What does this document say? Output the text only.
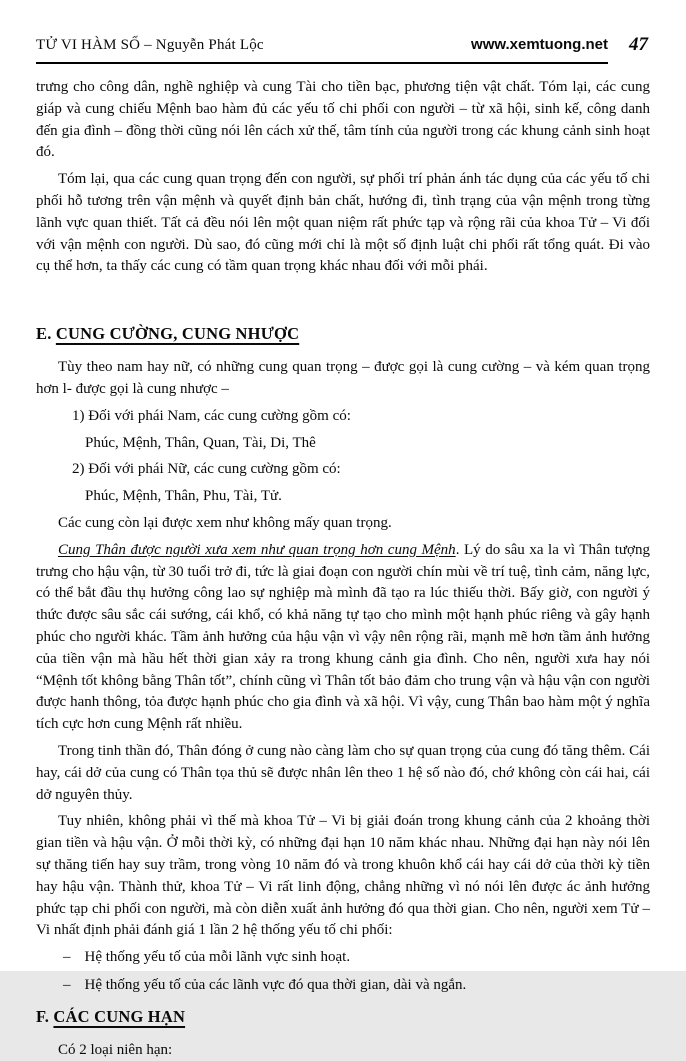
TỬ VI HÀM SỐ – Nguyễn Phát Lộc	www.xemtuong.net 47

trưng cho công dân, nghề nghiệp và cung Tài cho tiền bạc, phương tiện vật chất. Tóm lại, các cung giáp và cung chiếu Mệnh bao hàm đủ các yếu tố chi phối con người – từ xã hội, sinh kế, công danh đến gia đình – đồng thời cũng nói lên cách xử thế, tâm tính của người trong các khung cảnh sinh hoạt đó.

Tóm lại, qua các cung quan trọng đến con người, sự phối trí phản ánh tác dụng của các yếu tố chi phối hỗ tương trên vận mệnh và quyết định bản chất, hướng đi, tình trạng của vận mệnh trong từng lãnh vực quan thiết. Tất cả đều nói lên một quan niệm rất phức tạp và rộng rãi của khoa Tử – Vi đối với vận mệnh con người. Dù sao, đó cũng mới chỉ là một số định luật chi phối rất tổng quát. Đi vào cụ thể hơn, ta thấy các cung có tầm quan trọng khác nhau đối với mỗi phái.

E. CUNG CƯỜNG, CUNG NHƯỢC

Tùy theo nam hay nữ, có những cung quan trọng – được gọi là cung cường – và kém quan trọng hơn l- được gọi là cung nhược –

1) Đối với phái Nam, các cung cường gồm có:

Phúc, Mệnh, Thân, Quan, Tài, Di, Thê

2) Đối với phái Nữ, các cung cường gồm có:

Phúc, Mệnh, Thân, Phu, Tài, Tử.

Các cung còn lại được xem như không mấy quan trọng.

Cung Thân được người xưa xem như quan trọng hơn cung Mệnh. Lý do sâu xa la vì Thân tượng trưng cho hậu vận, từ 30 tuổi trở đi, tức là giai đoạn con người chín mùi về trí tuệ, tình cảm, năng lực, có thể bắt đầu thụ hưởng công lao sự nghiệp mà mình đã tạo ra lúc thiếu thời. Bấy giờ, con người ý thức được sâu sắc cái sướng, cái khổ, có khả năng tự tạo cho mình một hạnh phúc riêng và gây hạnh phúc cho người khác. Tầm ảnh hưởng của hậu vận vì vậy nên rộng rãi, mạnh mẽ hơn tầm ảnh hưởng của tiền vận mà hầu hết thời gian xảy ra trong khung cảnh gia đình. Cho nên, người xưa hay nói “Mệnh tốt không bằng Thân tốt”, chính cũng vì Thân tốt bảo đảm cho trung vận và hậu vận con người được hanh thông, tỏa được hạnh phúc cho gia đình và xã hội. Vì vậy, cung Thân bao hàm một ý nghĩa tích cực hơn cung Mệnh rất nhiều.

Trong tinh thần đó, Thân đóng ở cung nào càng làm cho sự quan trọng của cung đó tăng thêm. Cái hay, cái dở của cung có Thân tọa thủ sẽ được nhân lên theo 1 hệ số nào đó, chớ không còn cái hai, cái dở nguyên thủy.

Tuy nhiên, không phải vì thế mà khoa Tử – Vi bị giải đoán trong khung cảnh của 2 khoảng thời gian tiền và hậu vận. Ở mỗi thời kỳ, có những đại hạn 10 năm khác nhau. Những đại hạn này nói lên sự thăng tiến hay suy trầm, trong vòng 10 năm đó và trong khuôn khổ cái hay cái dở của thời kỳ tiền hay hậu vận. Thành thử, khoa Tử – Vi rất linh động, chẳng những vì nó nói lên được ác ảnh hưởng phức tạp chi phối con người, mà còn diễn xuất ảnh hưởng đó qua thời gian. Cho nên, người xem Tử – Vi nhất định phải đánh giá 1 lần 2 hệ thống yếu tố chi phối:

– Hệ thống yếu tố của mỗi lãnh vực sinh hoạt.
– Hệ thống yếu tố của các lãnh vực đó qua thời gian, dài và ngắn.
F. CÁC CUNG HẠN

Có 2 loại niên hạn:
